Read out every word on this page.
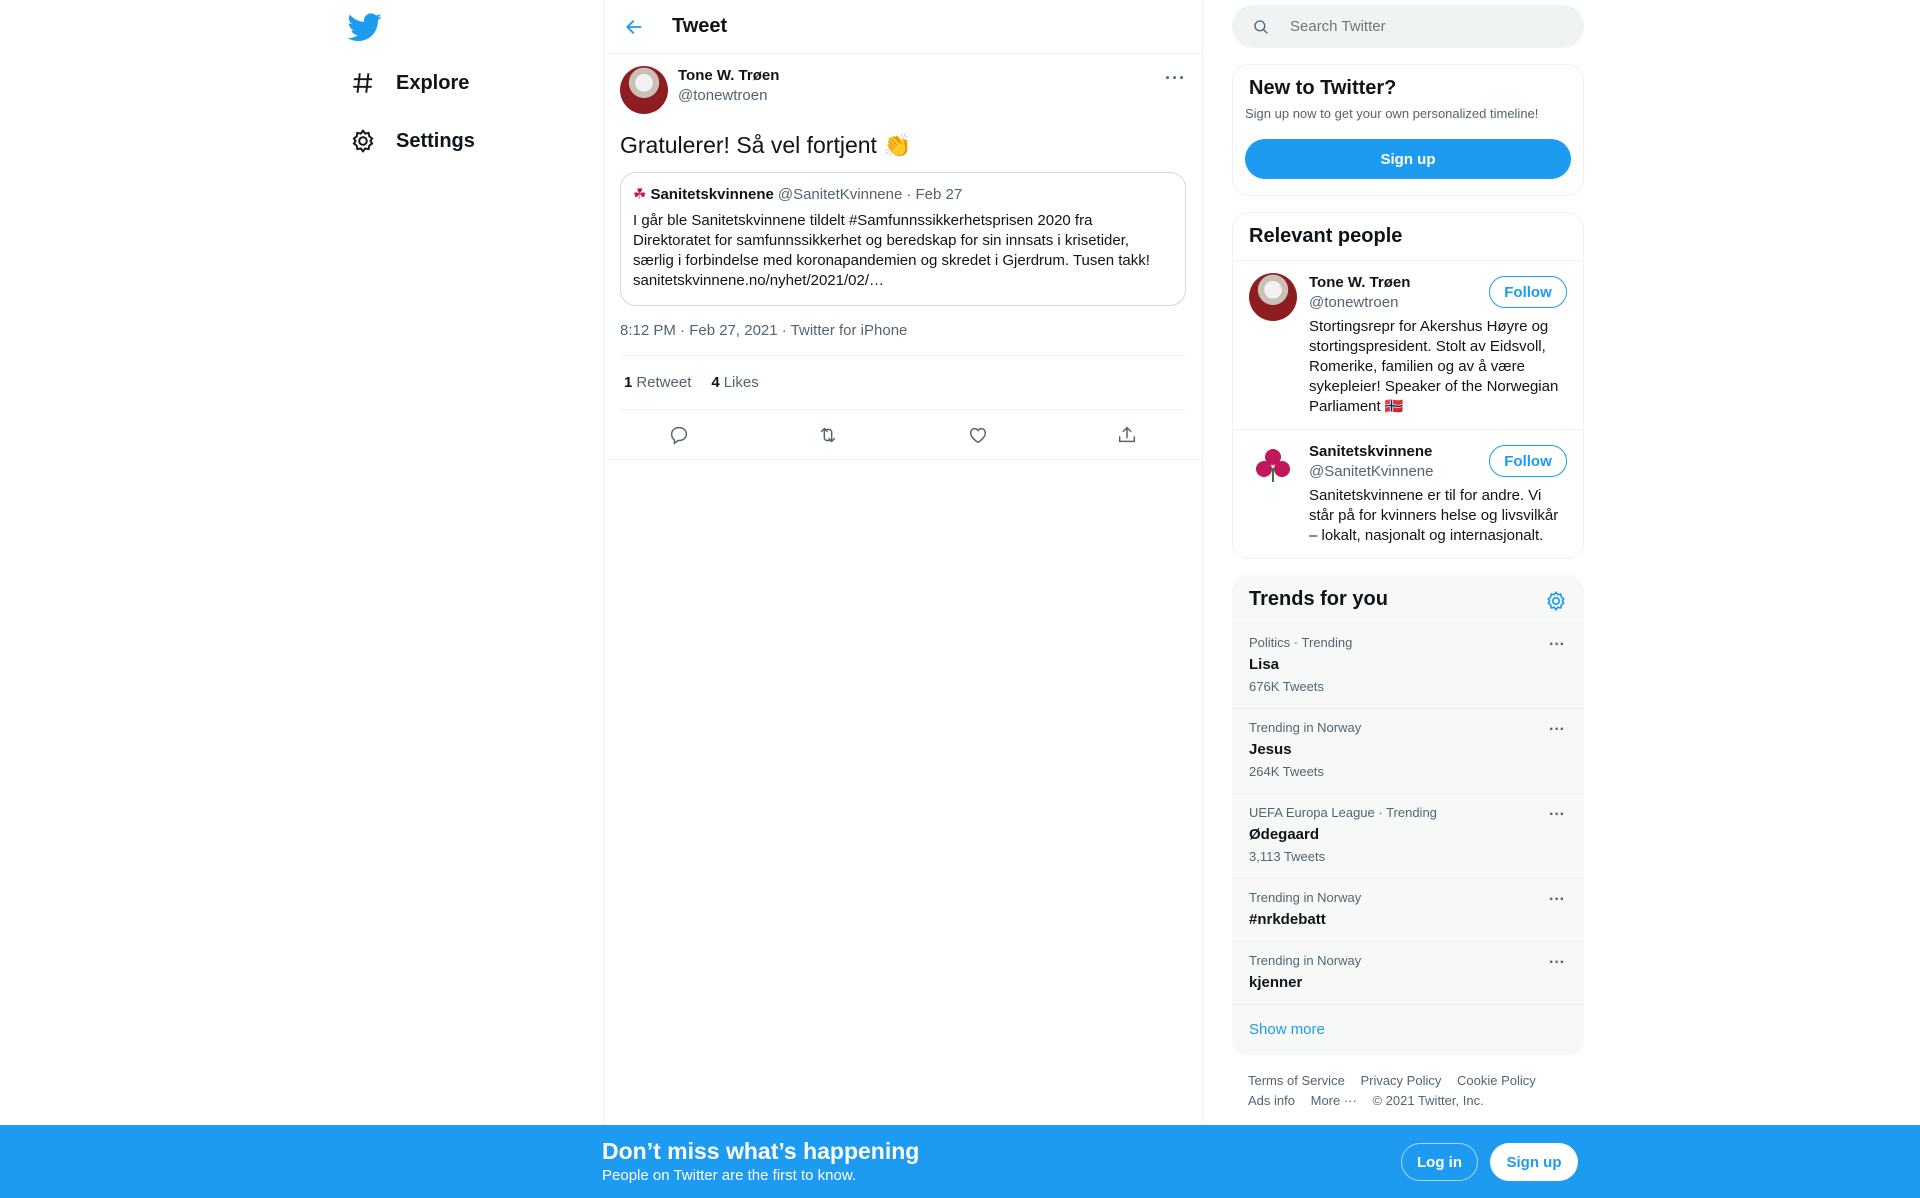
Explore
Settings
Tweet
Tone W. Trøen
@tonewtroen
···
Gratulerer! Så vel fortjent 👏
☘ Sanitetskvinnene @SanitetKvinnene · Feb 27
I går ble Sanitetskvinnene tildelt #Samfunnssikkerhetsprisen 2020 fra Direktoratet for samfunnssikkerhet og beredskap for sin innsats i krisetider, særlig i forbindelse med koronapandemien og skredet i Gjerdrum. Tusen takk! sanitetskvinnene.no/nyhet/2021/02/…
8:12 PM · Feb 27, 2021 · Twitter for iPhone
1 Retweet 4 Likes
Search Twitter
New to Twitter?
Sign up now to get your own personalized timeline!
Sign up
Relevant people
Tone W. Trøen
@tonewtroen
Stortingsrepr for Akershus Høyre og stortingspresident. Stolt av Eidsvoll, Romerike, familien og av å være sykepleier! Speaker of the Norwegian Parliament 🇳🇴
Follow
Sanitetskvinnene
@SanitetKvinnene
Sanitetskvinnene er til for andre. Vi står på for kvinners helse og livsvilkår – lokalt, nasjonalt og internasjonalt.
Follow
Trends for you
Politics · Trending
Lisa
676K Tweets
···
Trending in Norway
Jesus
264K Tweets
···
UEFA Europa League · Trending
Ødegaard
3,113 Tweets
···
Trending in Norway
#nrkdebatt
···
Trending in Norway
kjenner
···
Show more
Terms of Service Privacy Policy Cookie Policy
Ads info More ··· © 2021 Twitter, Inc.
Don’t miss what’s happening
People on Twitter are the first to know.
Log in	Sign up
